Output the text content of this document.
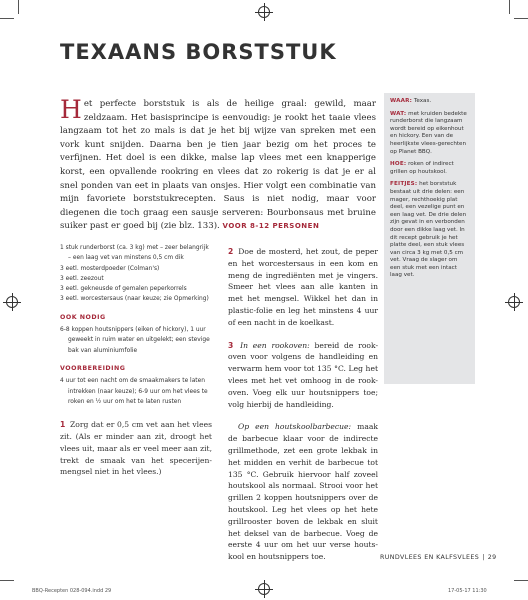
TEXAANS BORSTSTUK
Het perfecte borststuk is als de heilige graal: gewild, maar zeldzaam. Het basisprincipe is eenvoudig: je rookt het taaie vlees langzaam tot het zo mals is dat je het bij wijze van spreken met een vork kunt snijden. Daarna ben je tien jaar bezig om het proces te verfijnen. Het doel is een dikke, malse lap vlees met een knapperige korst, een opvallende rookring en vlees dat zo rokerig is dat je er al snel ponden van eet in plaats van onsjes. Hier volgt een combinatie van mijn favoriete borststukrecepten. Saus is niet nodig, maar voor diegenen die toch graag een sausje serveren: Bourbonsaus met bruine suiker past er goed bij (zie blz. 133). VOOR 8-12 PERSONEN

WAAR: Texas.

WAT: met kruiden bedekte runderborst die langzaam wordt bereid op eikenhout en hickory. Een van de heerlijkste vlees-gerechten op Planet BBQ.

HOE: roken of indirect grillen op houtskool.

FEITJES: het borststuk bestaat uit drie delen: een mager, rechthoekig plat deel, een vezelige punt en een laag vet. De drie delen zijn gevat in en verbonden door een dikke laag vet. In dit recept gebruik je het platte deel, een stuk vlees van circa 3 kg met 0,5 cm vet. Vraag de slager om een stuk met een intact laag vet.

1 stuk runderborst (ca. 3 kg) met – zeer belangrijk – een laag vet van minstens 0,5 cm dik
3 eetl. mosterdpoeder (Colman's)
3 eetl. zeezout
3 eetl. gekneusde of gemalen peperkorrels
3 eetl. worcestersaus (naar keuze; zie Opmerking)
OOK NODIG
6-8 koppen houtsnippers (eiken of hickory), 1 uur geweekt in ruim water en uitgelekt; een stevige bak van aluminiumfolie
VOORBEREIDING
4 uur tot een nacht om de smaakmakers te laten intrekken (naar keuze); 6-9 uur om het vlees te roken en ½ uur om het te laten rusten
1 Zorg dat er 0,5 cm vet aan het vlees zit. (Als er minder aan zit, droogt het vlees uit, maar als er veel meer aan zit, trekt de smaak van het specerijen-mengsel niet in het vlees.)

2 Doe de mosterd, het zout, de peper en het worcestersaus in een kom en meng de ingrediënten met je vingers. Smeer het vlees aan alle kanten in met het mengsel. Wikkel het dan in plastic-folie en leg het minstens 4 uur of een nacht in de koelkast.

3 In een rookoven: bereid de rook-oven voor volgens de handleiding en verwarm hem voor tot 135 °C. Leg het vlees met het vet omhoog in de rook-oven. Voeg elk uur houtsnippers toe; volg hierbij de handleiding.

Op een houtskoolbarbecue: maak de barbecue klaar voor de indirecte grillmethode, zet een grote lekbak in het midden en verhit de barbecue tot 135 °C. Gebruik hiervoor half zoveel houtskool als normaal. Strooi voor het grillen 2 koppen houtsnippers over de houtskool. Leg het vlees op het hete grillrooster boven de lekbak en sluit het deksel van de barbecue. Voeg de eerste 4 uur om het uur verse houts-kool en houtsnippers toe.	RUNDVLEES EN KALFSVLEES | 29
BBQ-Recepten 028-094.indd 29	17-05-17 11:30
